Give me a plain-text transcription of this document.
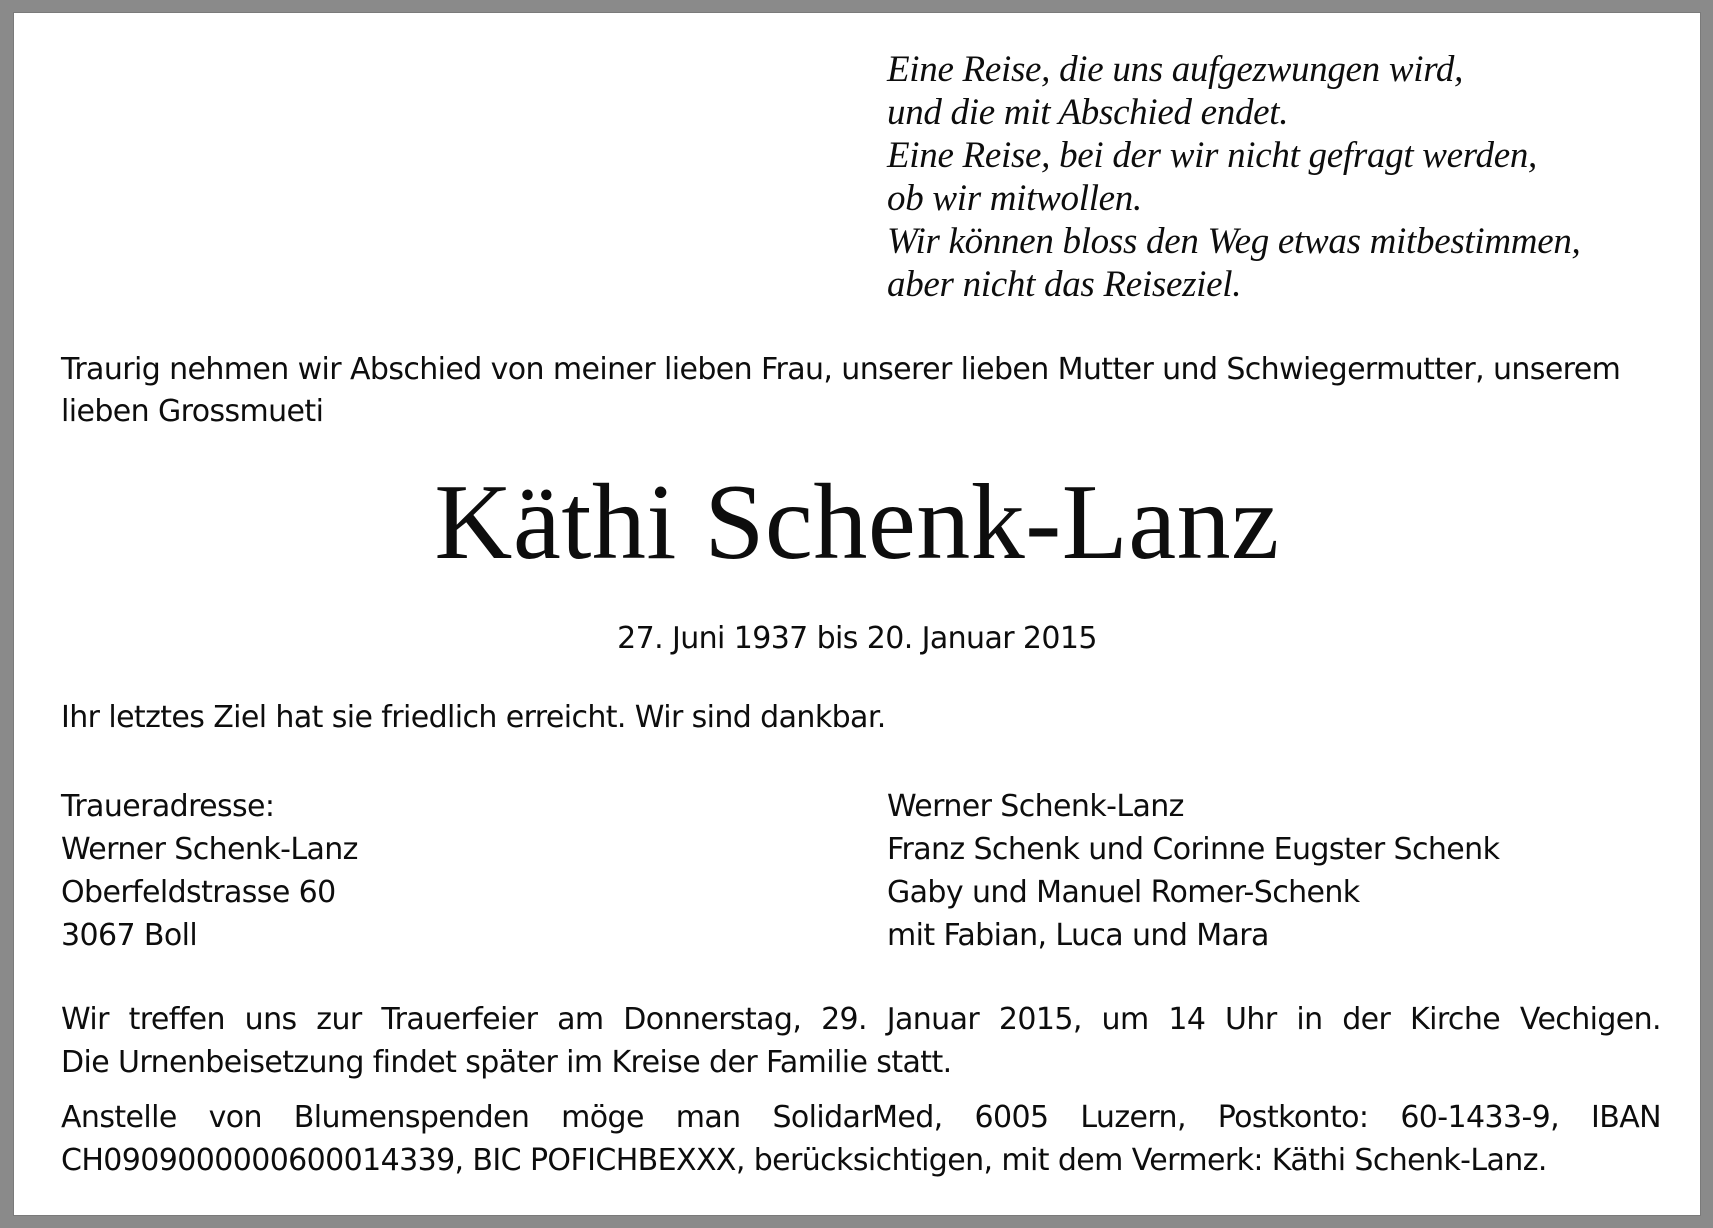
Eine Reise, die uns aufgezwungen wird,
und die mit Abschied endet.
Eine Reise, bei der wir nicht gefragt werden,
ob wir mitwollen.
Wir können bloss den Weg etwas mitbestimmen,
aber nicht das Reiseziel.
Traurig nehmen wir Abschied von meiner lieben Frau, unserer lieben Mutter und Schwiegermutter, unserem
lieben Grossmueti
Käthi Schenk-Lanz
27. Juni 1937 bis 20. Januar 2015
Ihr letztes Ziel hat sie friedlich erreicht. Wir sind dankbar.
Traueradresse:
Werner Schenk-Lanz
Oberfeldstrasse 60
3067 Boll
Werner Schenk-Lanz
Franz Schenk und Corinne Eugster Schenk
Gaby und Manuel Romer-Schenk
mit Fabian, Luca und Mara
Wir treffen uns zur Trauerfeier am Donnerstag, 29. Januar 2015, um 14 Uhr in der Kirche Vechigen.
Die Urnenbeisetzung findet später im Kreise der Familie statt.
Anstelle von Blumenspenden möge man SolidarMed, 6005 Luzern, Postkonto: 60-1433-9, IBAN
CH0909000000600014339, BIC POFICHBEXXX, berücksichtigen, mit dem Vermerk: Käthi Schenk-Lanz.
